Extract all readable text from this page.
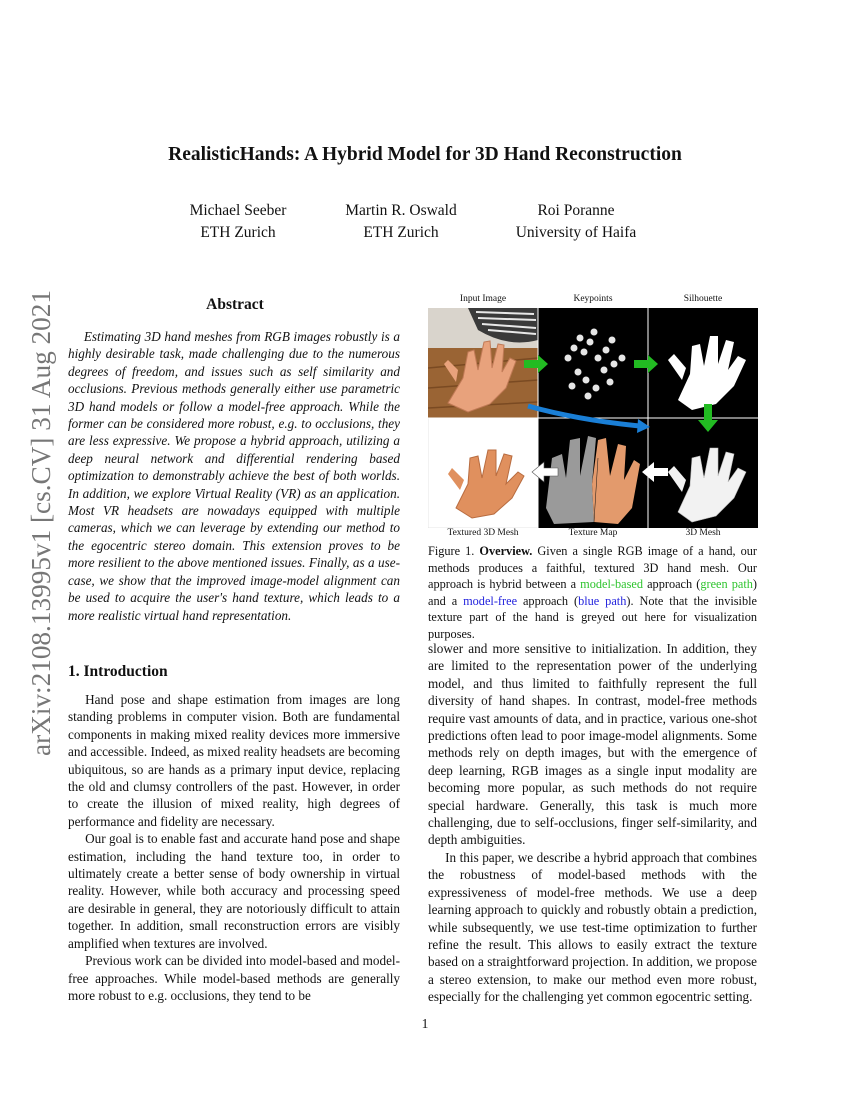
arXiv:2108.13995v1 [cs.CV] 31 Aug 2021
RealisticHands: A Hybrid Model for 3D Hand Reconstruction
Michael Seeber
ETH Zurich
Martin R. Oswald
ETH Zurich
Roi Poranne
University of Haifa
Abstract

Estimating 3D hand meshes from RGB images robustly is a highly desirable task, made challenging due to the numerous degrees of freedom, and issues such as self similarity and occlusions. Previous methods generally either use parametric 3D hand models or follow a model-free approach. While the former can be considered more robust, e.g. to occlusions, they are less expressive. We propose a hybrid approach, utilizing a deep neural network and differential rendering based optimization to demonstrably achieve the best of both worlds. In addition, we explore Virtual Reality (VR) as an application. Most VR headsets are nowadays equipped with multiple cameras, which we can leverage by extending our method to the egocentric stereo domain. This extension proves to be more resilient to the above mentioned issues. Finally, as a use-case, we show that the improved image-model alignment can be used to acquire the user's hand texture, which leads to a more realistic virtual hand representation.

1. Introduction

Hand pose and shape estimation from images are long standing problems in computer vision. Both are fundamental components in making mixed reality devices more immersive and accessible. Indeed, as mixed reality headsets are becoming ubiquitous, so are hands as a primary input device, replacing the old and clumsy controllers of the past. However, in order to create the illusion of mixed reality, high degrees of performance and fidelity are necessary.

Our goal is to enable fast and accurate hand pose and shape estimation, including the hand texture too, in order to ultimately create a better sense of body ownership in virtual reality. However, while both accuracy and processing speed are desirable in general, they are notoriously difficult to attain together. In addition, small reconstruction errors are visibly amplified when textures are involved.

Previous work can be divided into model-based and model-free approaches. While model-based methods are generally more robust to e.g. occlusions, they tend to be

Input Image	Keypoints	Silhouette
Textured 3D Mesh	Texture Map	3D Mesh
Figure 1. Overview. Given a single RGB image of a hand, our methods produces a faithful, textured 3D hand mesh. Our approach is hybrid between a model-based approach (green path) and a model-free approach (blue path). Note that the invisible texture part of the hand is greyed out here for visualization purposes.

slower and more sensitive to initialization. In addition, they are limited to the representation power of the underlying model, and thus limited to faithfully represent the full diversity of hand shapes. In contrast, model-free methods require vast amounts of data, and in practice, various one-shot predictions often lead to poor image-model alignments. Some methods rely on depth images, but with the emergence of deep learning, RGB images as a single input modality are becoming more popular, as such methods do not require special hardware. Generally, this task is much more challenging, due to self-occlusions, finger self-similarity, and depth ambiguities.

In this paper, we describe a hybrid approach that combines the robustness of model-based methods with the expressiveness of model-free methods. We use a deep learning approach to quickly and robustly obtain a prediction, while subsequently, we use test-time optimization to further refine the result. This allows to easily extract the texture based on a straightforward projection. In addition, we propose a stereo extension, to make our method even more robust, especially for the challenging yet common egocentric setting.

1
